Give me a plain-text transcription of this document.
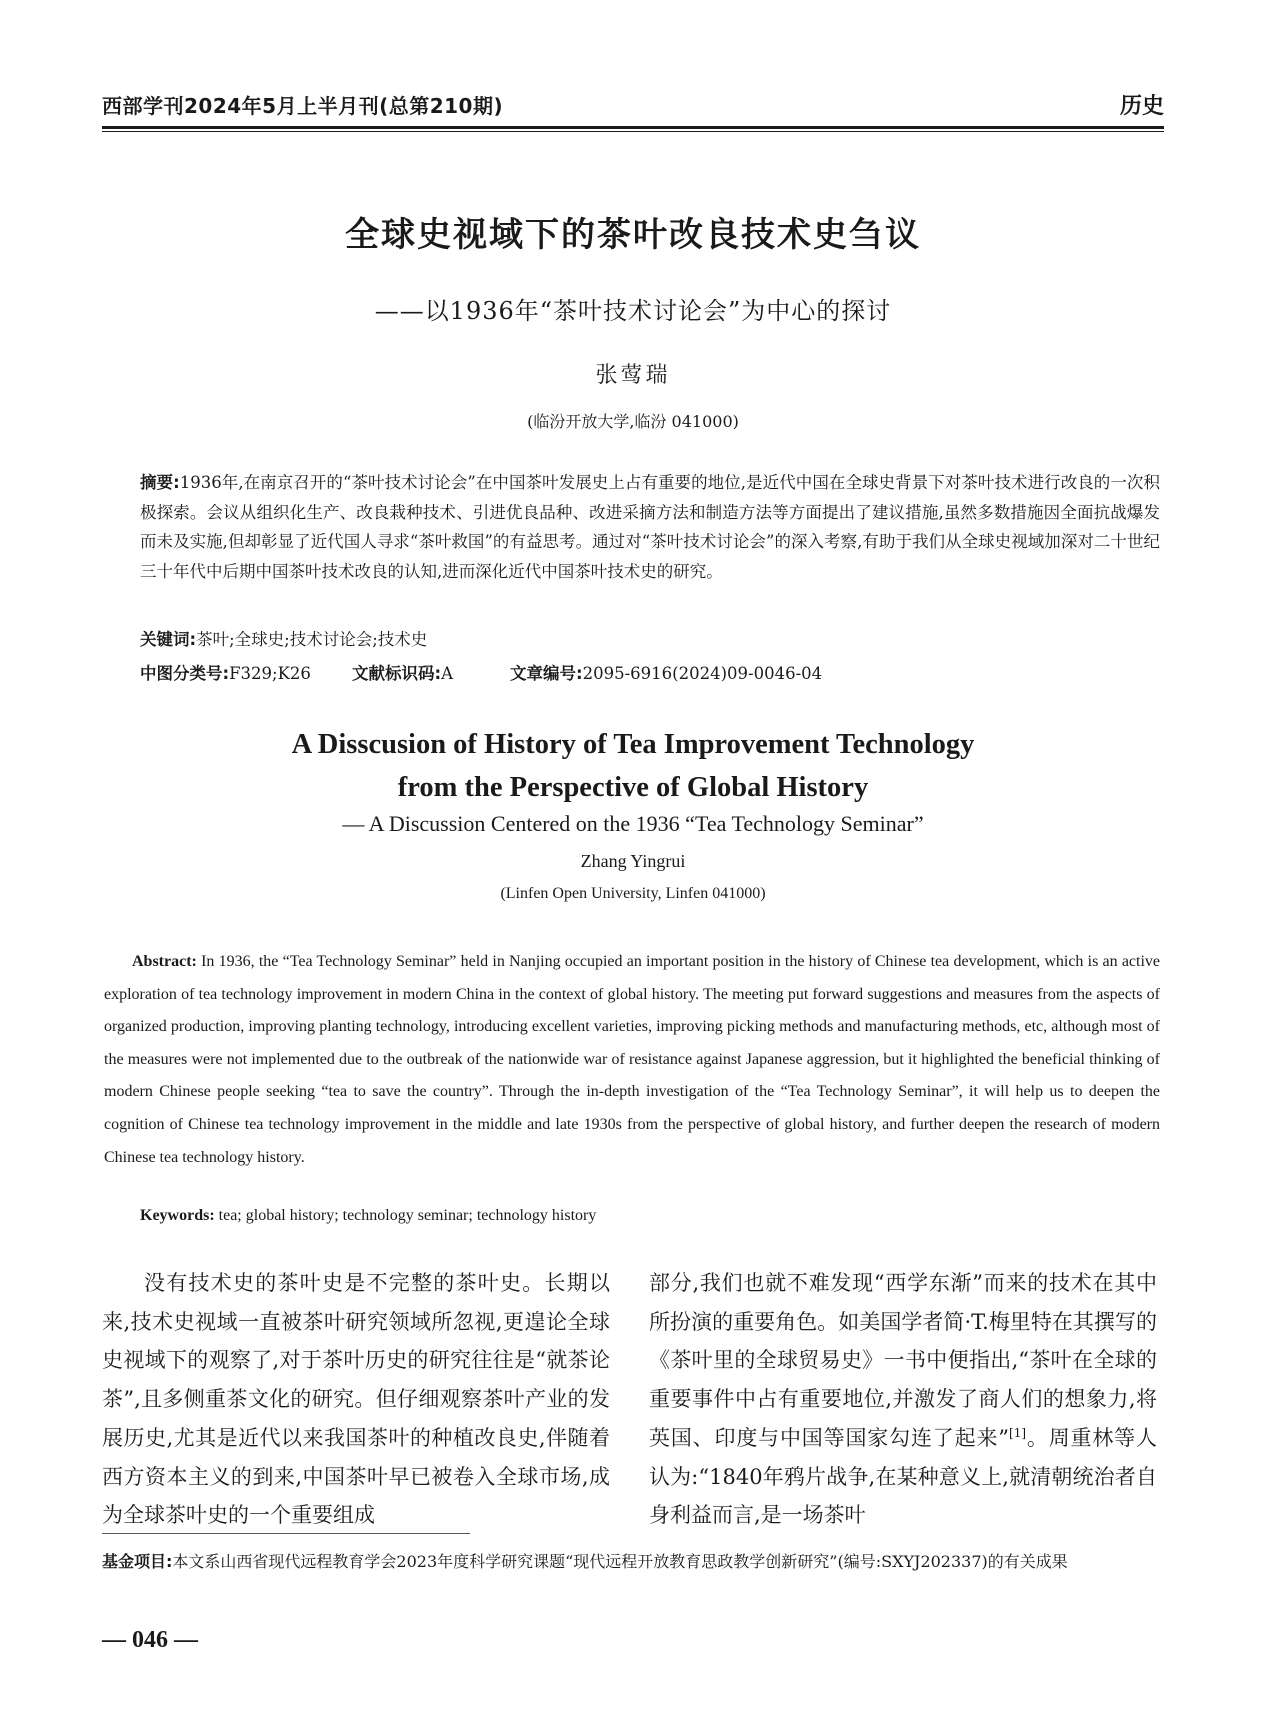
西部学刊2024年5月上半月刊(总第210期)	历史
全球史视域下的茶叶改良技术史刍议
——以1936年“茶叶技术讨论会”为中心的探讨
张莺瑞
(临汾开放大学,临汾 041000)
摘要:1936年,在南京召开的“茶叶技术讨论会”在中国茶叶发展史上占有重要的地位,是近代中国在全球史背景下对茶叶技术进行改良的一次积极探索。会议从组织化生产、改良栽种技术、引进优良品种、改进采摘方法和制造方法等方面提出了建议措施,虽然多数措施因全面抗战爆发而未及实施,但却彰显了近代国人寻求“茶叶救国”的有益思考。通过对“茶叶技术讨论会”的深入考察,有助于我们从全球史视域加深对二十世纪三十年代中后期中国茶叶技术改良的认知,进而深化近代中国茶叶技术史的研究。
关键词:茶叶;全球史;技术讨论会;技术史
中图分类号:F329;K26 文献标识码:A	文章编号:2095-6916(2024)09-0046-04
A Disscusion of History of Tea Improvement Technology
from the Perspective of Global History
— A Discussion Centered on the 1936 “Tea Technology Seminar”
Zhang Yingrui
(Linfen Open University, Linfen 041000)
Abstract: In 1936, the “Tea Technology Seminar” held in Nanjing occupied an important position in the history of Chinese tea development, which is an active exploration of tea technology improvement in modern China in the context of global history. The meeting put forward suggestions and measures from the aspects of organized production, improving planting technology, introducing excellent varieties, improving picking methods and manufacturing methods, etc, although most of the measures were not implemented due to the outbreak of the nationwide war of resistance against Japanese aggression, but it highlighted the beneficial thinking of modern Chinese people seeking “tea to save the country”. Through the in-depth investigation of the “Tea Technology Seminar”, it will help us to deepen the cognition of Chinese tea technology improvement in the middle and late 1930s from the perspective of global history, and further deepen the research of modern Chinese tea technology history.
Keywords: tea; global history; technology seminar; technology history

没有技术史的茶叶史是不完整的茶叶史。长期以来,技术史视域一直被茶叶研究领域所忽视,更遑论全球史视域下的观察了,对于茶叶历史的研究往往是“就茶论茶”,且多侧重茶文化的研究。但仔细观察茶叶产业的发展历史,尤其是近代以来我国茶叶的种植改良史,伴随着西方资本主义的到来,中国茶叶早已被卷入全球市场,成为全球茶叶史的一个重要组成

部分,我们也就不难发现“西学东渐”而来的技术在其中所扮演的重要角色。如美国学者简·T.梅里特在其撰写的《茶叶里的全球贸易史》一书中便指出,“茶叶在全球的重要事件中占有重要地位,并激发了商人们的想象力,将英国、印度与中国等国家勾连了起来”[1]。周重林等人认为:“1840年鸦片战争,在某种意义上,就清朝统治者自身利益而言,是一场茶叶

基金项目:本文系山西省现代远程教育学会2023年度科学研究课题“现代远程开放教育思政教学创新研究”(编号:SXYJ202337)的有关成果
— 046 —
